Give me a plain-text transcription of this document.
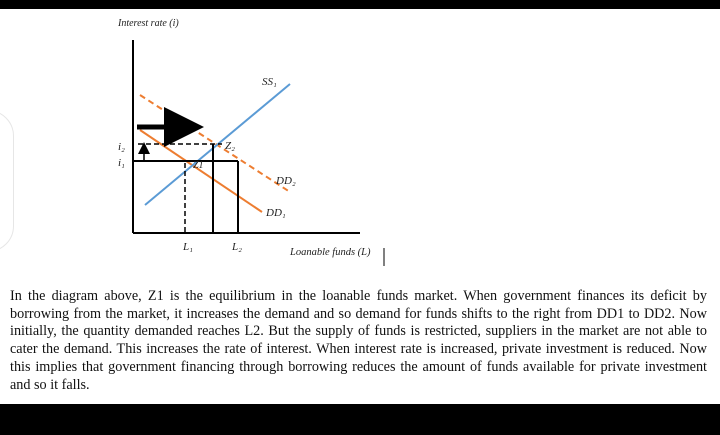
Interest rate (i)
SS₁
Z₂
Z1
i₂
i₁
DD₂
DD₁
L₁	L₂	Loanable funds (L)

In the diagram above, Z1 is the equilibrium in the loanable funds market. When government finances its deficit by borrowing from the market, it increases the demand and so demand for funds shifts to the right from DD1 to DD2. Now initially, the quantity demanded reaches L2. But the supply of funds is restricted, suppliers in the market are not able to cater the demand. This increases the rate of interest. When interest rate is increased, private investment is reduced. Now this implies that government financing through borrowing reduces the amount of funds available for private investment and so it falls.
